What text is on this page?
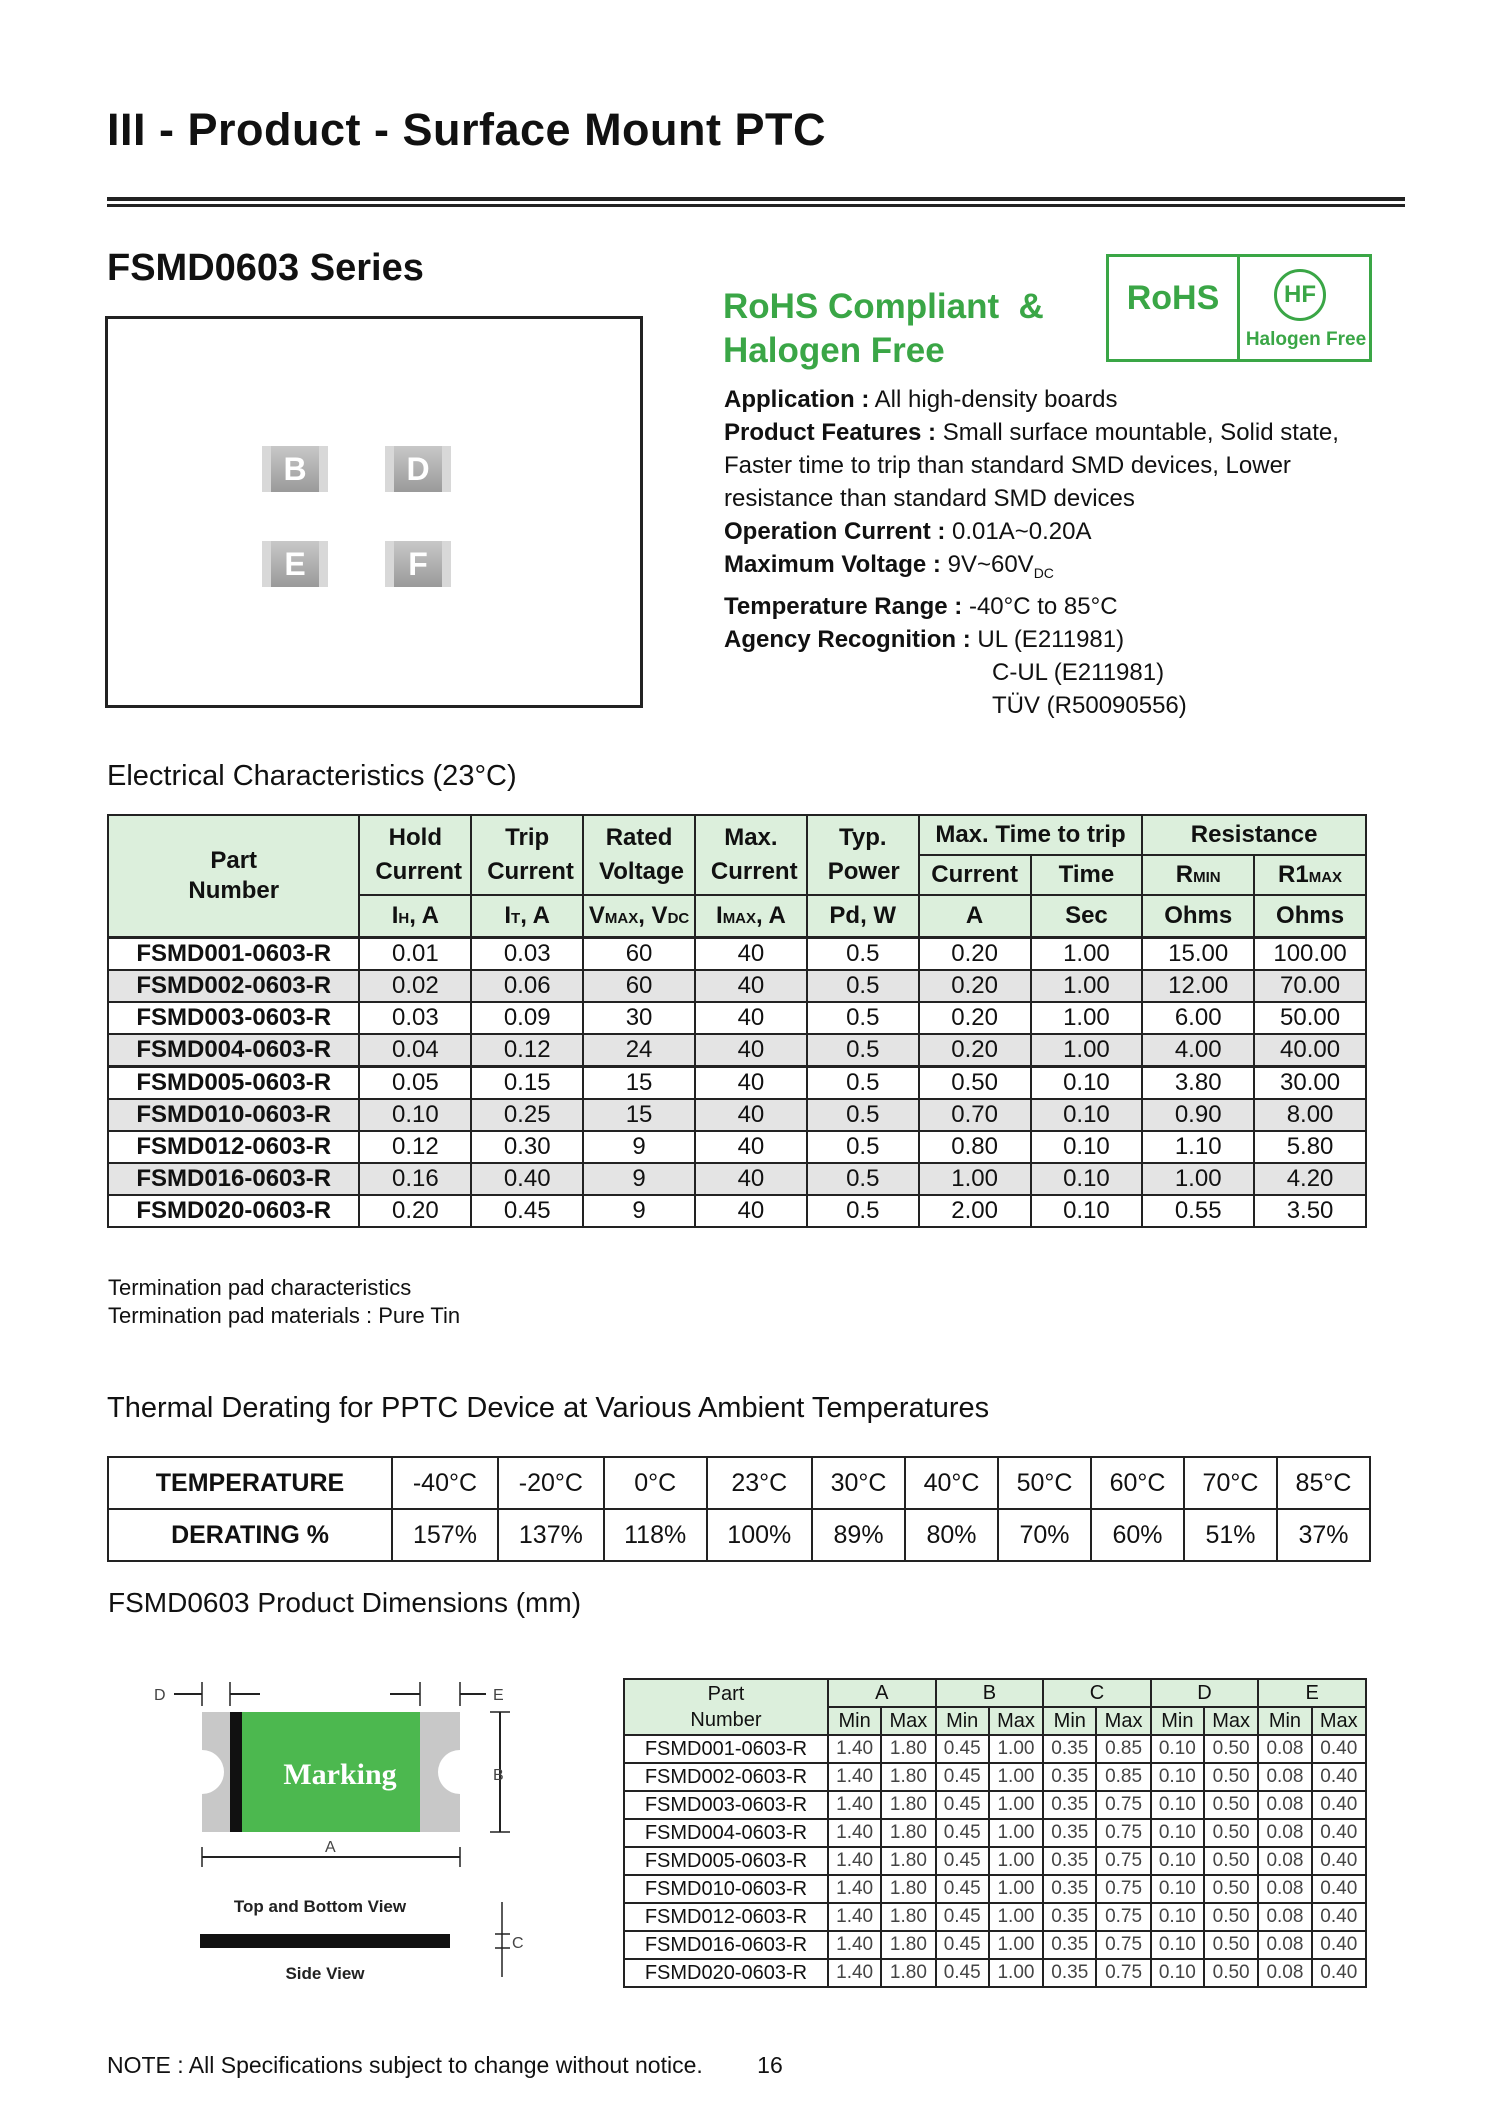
III - Product - Surface Mount PTC
FSMD0603 Series
B	D
E	F
RoHS Compliant  &
Halogen Free
RoHS	HF
Halogen Free
Application : All high-density boards
Product Features : Small surface mountable, Solid state,
Faster time to trip than standard SMD devices, Lower
resistance than standard SMD devices
Operation Current : 0.01A~0.20A
Maximum Voltage : $9V\sim 60V_{DC}$
Temperature Range : -40°C to 85°C
Agency Recognition : UL (E211981)
C-UL (E211981)
TÜV (R50090556)
Electrical Characteristics (23°C)
Part Number	Hold Current	Trip Current	Rated Voltage	Max. Current	Typ. Power	Max. Time to trip		Resistance	
						Current	Time	RMIN	R1MAX
	IH, A	IT, A	VMAX, VDC	IMAX, A	Pd, W	A	Sec	Ohms	Ohms
FSMD001-0603-R	0.01	0.03	60	40	0.5	0.20	1.00	15.00	100.00
FSMD002-0603-R	0.02	0.06	60	40	0.5	0.20	1.00	12.00	70.00
FSMD003-0603-R	0.03	0.09	30	40	0.5	0.20	1.00	6.00	50.00
FSMD004-0603-R	0.04	0.12	24	40	0.5	0.20	1.00	4.00	40.00
FSMD005-0603-R	0.05	0.15	15	40	0.5	0.50	0.10	3.80	30.00
FSMD010-0603-R	0.10	0.25	15	40	0.5	0.70	0.10	0.90	8.00
FSMD012-0603-R	0.12	0.30	9	40	0.5	0.80	0.10	1.10	5.80
FSMD016-0603-R	0.16	0.40	9	40	0.5	1.00	0.10	1.00	4.20
FSMD020-0603-R	0.20	0.45	9	40	0.5	2.00	0.10	0.55	3.50
Termination pad characteristics
Termination pad materials : Pure Tin
Thermal Derating for PPTC Device at Various Ambient Temperatures
TEMPERATURE	-40°C	-20°C	0°C	23°C	30°C	40°C	50°C	60°C	70°C	85°C
DERATING %	157%	137%	118%	100%	89%	80%	70%	60%	51%	37%
FSMD0603 Product Dimensions (mm)
Marking
D	E
B
A
Top and Bottom View
C
Side View
Part Number	A		B		C		D		E	
	Min	Max	Min	Max	Min	Max	Min	Max	Min	Max
FSMD001-0603-R	1.40	1.80	0.45	1.00	0.35	0.85	0.10	0.50	0.08	0.40
FSMD002-0603-R	1.40	1.80	0.45	1.00	0.35	0.85	0.10	0.50	0.08	0.40
FSMD003-0603-R	1.40	1.80	0.45	1.00	0.35	0.75	0.10	0.50	0.08	0.40
FSMD004-0603-R	1.40	1.80	0.45	1.00	0.35	0.75	0.10	0.50	0.08	0.40
FSMD005-0603-R	1.40	1.80	0.45	1.00	0.35	0.75	0.10	0.50	0.08	0.40
FSMD010-0603-R	1.40	1.80	0.45	1.00	0.35	0.75	0.10	0.50	0.08	0.40
FSMD012-0603-R	1.40	1.80	0.45	1.00	0.35	0.75	0.10	0.50	0.08	0.40
FSMD016-0603-R	1.40	1.80	0.45	1.00	0.35	0.75	0.10	0.50	0.08	0.40
FSMD020-0603-R	1.40	1.80	0.45	1.00	0.35	0.75	0.10	0.50	0.08	0.40
NOTE : All Specifications subject to change without notice. 16
